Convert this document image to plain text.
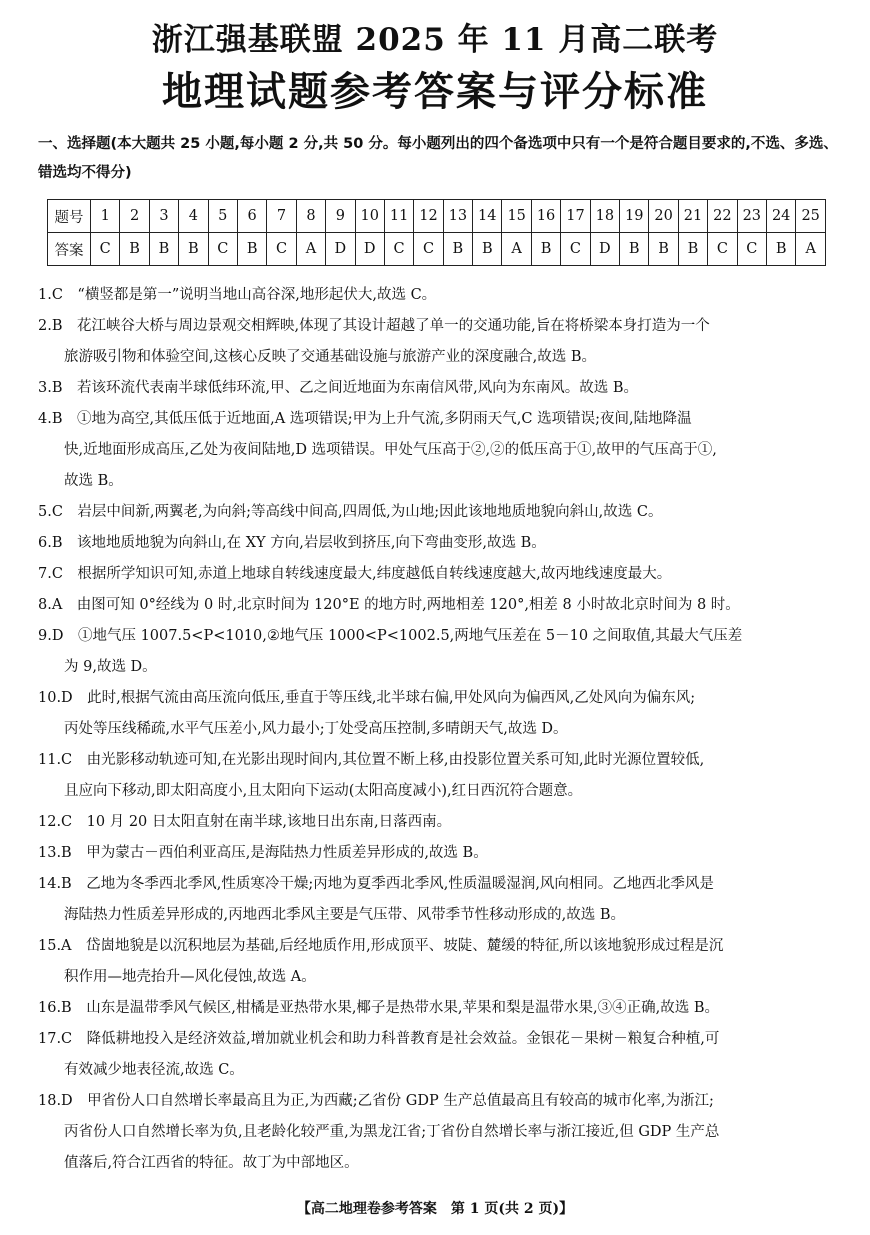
浙江强基联盟 2025 年 11 月高二联考
地理试题参考答案与评分标准
一、选择题(本大题共 25 小题,每小题 2 分,共 50 分。每小题列出的四个备选项中只有一个是符合题目要求的,不选、多选、错选均不得分)
题号	1	2	3	4	5	6	7	8	9	10	11	12	13	14	15	16	17	18	19	20	21	22	23	24	25
答案	C	B	B	B	C	B	C	A	D	D	C	C	B	B	A	B	C	D	B	B	B	C	C	B	A
1.C　“横竖都是第一”说明当地山高谷深,地形起伏大,故选 C。
2.B　花江峡谷大桥与周边景观交相辉映,体现了其设计超越了单一的交通功能,旨在将桥梁本身打造为一个
旅游吸引物和体验空间,这核心反映了交通基础设施与旅游产业的深度融合,故选 B。
3.B　若该环流代表南半球低纬环流,甲、乙之间近地面为东南信风带,风向为东南风。故选 B。
4.B　①地为高空,其低压低于近地面,A 选项错误;甲为上升气流,多阴雨天气,C 选项错误;夜间,陆地降温
快,近地面形成高压,乙处为夜间陆地,D 选项错误。甲处气压高于②,②的低压高于①,故甲的气压高于①,
故选 B。
5.C　岩层中间新,两翼老,为向斜;等高线中间高,四周低,为山地;因此该地地质地貌向斜山,故选 C。
6.B　该地地质地貌为向斜山,在 XY 方向,岩层收到挤压,向下弯曲变形,故选 B。
7.C　根据所学知识可知,赤道上地球自转线速度最大,纬度越低自转线速度越大,故丙地线速度最大。
8.A　由图可知 0°经线为 0 时,北京时间为 120°E 的地方时,两地相差 120°,相差 8 小时故北京时间为 8 时。
9.D　①地气压 1007.5<P<1010,②地气压 1000<P<1002.5,两地气压差在 5－10 之间取值,其最大气压差
为 9,故选 D。
10.D　此时,根据气流由高压流向低压,垂直于等压线,北半球右偏,甲处风向为偏西风,乙处风向为偏东风;
丙处等压线稀疏,水平气压差小,风力最小;丁处受高压控制,多晴朗天气,故选 D。
11.C　由光影移动轨迹可知,在光影出现时间内,其位置不断上移,由投影位置关系可知,此时光源位置较低,
且应向下移动,即太阳高度小,且太阳向下运动(太阳高度减小),红日西沉符合题意。
12.C　10 月 20 日太阳直射在南半球,该地日出东南,日落西南。
13.B　甲为蒙古－西伯利亚高压,是海陆热力性质差异形成的,故选 B。
14.B　乙地为冬季西北季风,性质寒冷干燥;丙地为夏季西北季风,性质温暖湿润,风向相同。乙地西北季风是
海陆热力性质差异形成的,丙地西北季风主要是气压带、风带季节性移动形成的,故选 B。
15.A　岱崮地貌是以沉积地层为基础,后经地质作用,形成顶平、坡陡、麓缓的特征,所以该地貌形成过程是沉
积作用—地壳抬升—风化侵蚀,故选 A。
16.B　山东是温带季风气候区,柑橘是亚热带水果,椰子是热带水果,苹果和梨是温带水果,③④正确,故选 B。
17.C　降低耕地投入是经济效益,增加就业机会和助力科普教育是社会效益。金银花－果树－粮复合种植,可
有效减少地表径流,故选 C。
18.D　甲省份人口自然增长率最高且为正,为西藏;乙省份 GDP 生产总值最高且有较高的城市化率,为浙江;
丙省份人口自然增长率为负,且老龄化较严重,为黑龙江省;丁省份自然增长率与浙江接近,但 GDP 生产总
值落后,符合江西省的特征。故丁为中部地区。
【高二地理卷参考答案　第 1 页(共 2 页)】
